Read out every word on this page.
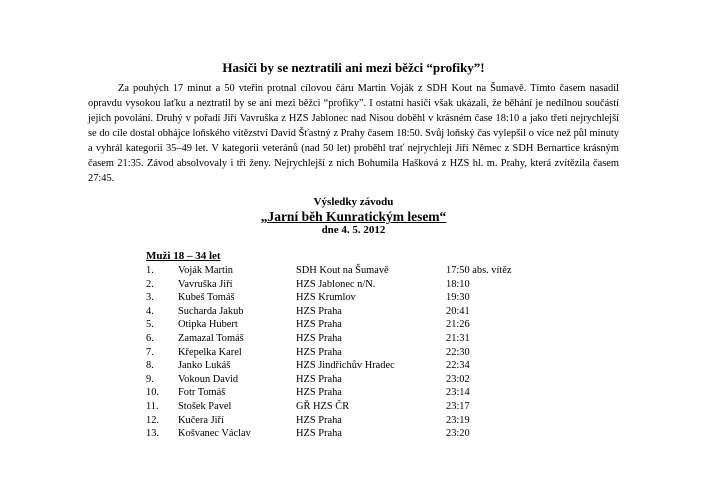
Hasiči by se neztratili ani mezi běžci “profiky”!

Za pouhých 17 minut a 50 vteřin protnal cílovou čáru Martin Voják z SDH Kout na Šumavě. Tímto časem nasadil opravdu vysokou laťku a neztratil by se ani mezi běžci “profiky”. I ostatní hasiči však ukázali, že běhání je nedílnou součástí jejich povolání. Druhý v pořadí Jiří Vavruška z HZS Jablonec nad Nisou doběhl v krásném čase 18:10 a jako třetí nejrychlejší se do cíle dostal obhájce loňského vítězství David Šťastný z Prahy časem 18:50. Svůj loňský čas vylepšil o více než půl minuty a vyhrál kategorii 35–49 let. V kategorii veteránů (nad 50 let) proběhl trať nejrychleji Jiří Němec z SDH Bernartice krásným časem 21:35. Závod absolvovaly i tři ženy. Nejrychlejší z nich Bohumila Hašková z HZS hl. m. Prahy, která zvítězila časem 27:45.

Výsledky závodu
„Jarní běh Kunratickým lesem“
dne 4. 5. 2012
Muži 18 – 34 let
1. Voják Martin	SDH Kout na Šumavě	17:50 abs. vítěz
2. Vavruška Jiří	HZS Jablonec n/N.	18:10
3. Kubeš Tomáš	HZS Krumlov	19:30
4. Sucharda Jakub	HZS Praha	20:41
5. Otipka Hubert	HZS Praha	21:26
6. Zamazal Tomáš	HZS Praha	21:31
7. Křepelka Karel	HZS Praha	22:30
8. Janko Lukáš	HZS Jindřichův Hradec	22:34
9. Vokoun David	HZS Praha	23:02
10. Fotr Tomáš	HZS Praha	23:14
11. Stošek Pavel	GŘ HZS ČR	23:17
12. Kučera Jiří	HZS Praha	23:19
13. Košvanec Václav	HZS Praha	23:20
